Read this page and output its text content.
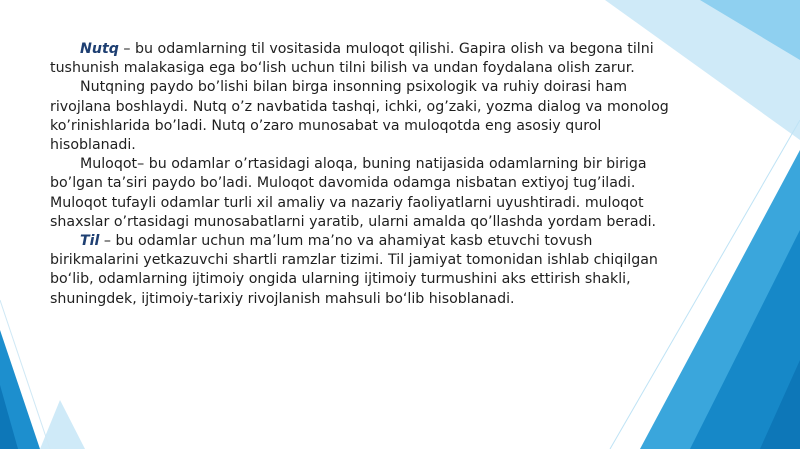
Nutq – bu odamlarning til vositasida muloqot qilishi. Gapira olish va begona tilni tushunish malakasiga ega bo‘lish uchun tilni bilish va undan foydalana olish zarur.

Nutqning paydo bo’lishi bilan birga insonning psixologik va ruhiy doirasi ham rivojlana boshlaydi. Nutq o’z navbatida tashqi, ichki, og’zaki, yozma dialog va monolog ko’rinishlarida bo’ladi. Nutq o’zaro munosabat va muloqotda eng asosiy qurol hisoblanadi.

Muloqot– bu odamlar o’rtasidagi aloqa, buning natijasida odamlarning bir biriga bo’lgan ta’siri paydo bo’ladi. Muloqot davomida odamga nisbatan extiyoj tug’iladi. Muloqot tufayli odamlar turli xil amaliy va nazariy faoliyatlarni uyushtiradi. muloqot shaxslar o’rtasidagi munosabatlarni yaratib, ularni amalda qo’llashda yordam beradi.

Til – bu odamlar uchun ma’lum ma’no va ahamiyat kasb etuvchi tovush birikmalarini yetkazuvchi shartli ramzlar tizimi. Til jamiyat tomonidan ishlab chiqilgan bo‘lib, odamlarning ijtimoiy ongida ularning ijtimoiy turmushini aks ettirish shakli, shuningdek, ijtimoiy-tarixiy rivojlanish mahsuli bo‘lib hisoblanadi.
